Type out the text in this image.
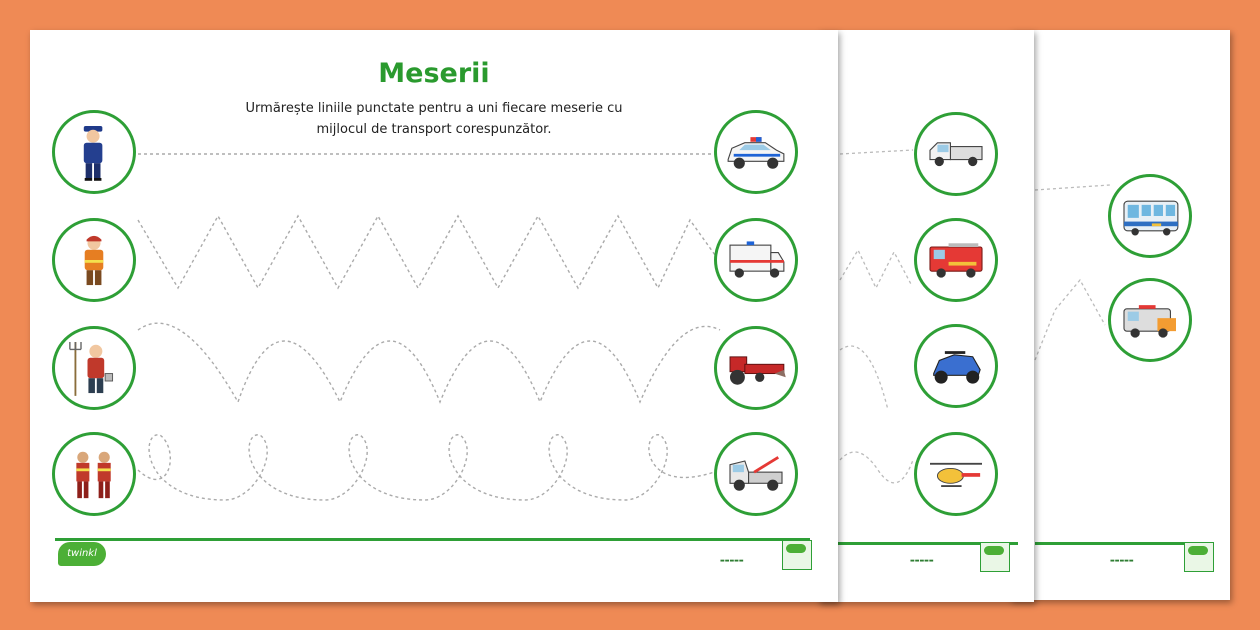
▬▬▬▬▬
▬▬▬▬▬
Meserii
Urmărește liniile punctate pentru a uni fiecare meserie cu
mijlocul de transport corespunzător.
twinkl
▬▬▬▬▬
